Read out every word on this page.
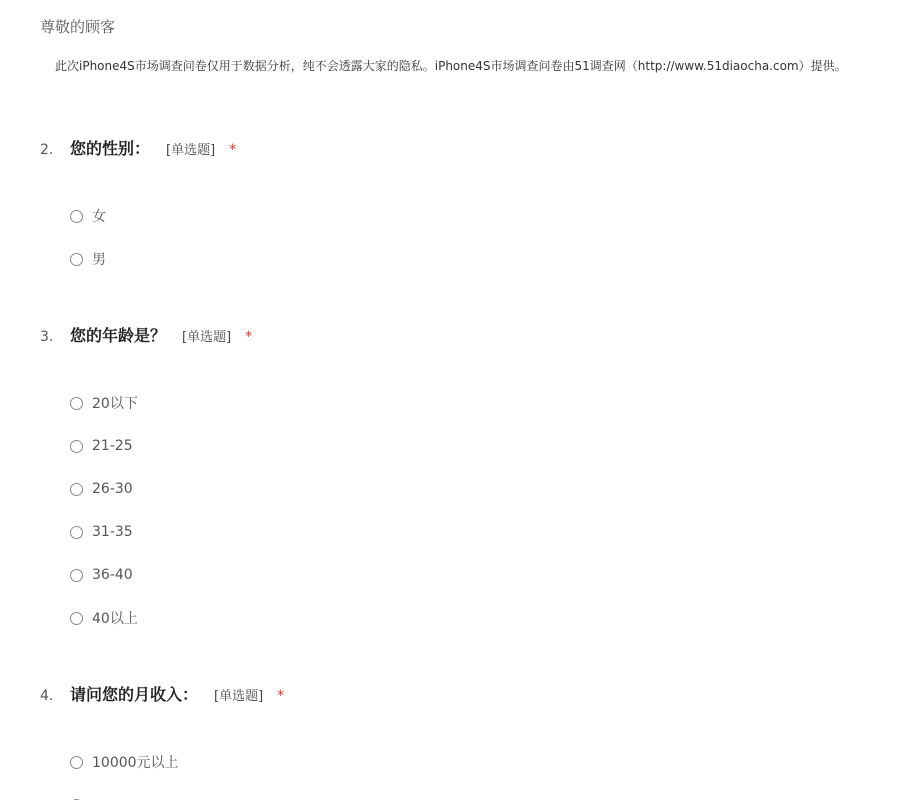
尊敬的顾客
此次iPhone4S市场调查问卷仅用于数据分析，纯不会透露大家的隐私。iPhone4S市场调查问卷由51调查网（http://www.51diaocha.com）提供。
2.	您的性别： [单选题] *
女
男
3.	您的年龄是？ [单选题] *
20以下
21-25
26-30
31-35
36-40
40以上
4.	请问您的月收入： [单选题] *
10000元以上
